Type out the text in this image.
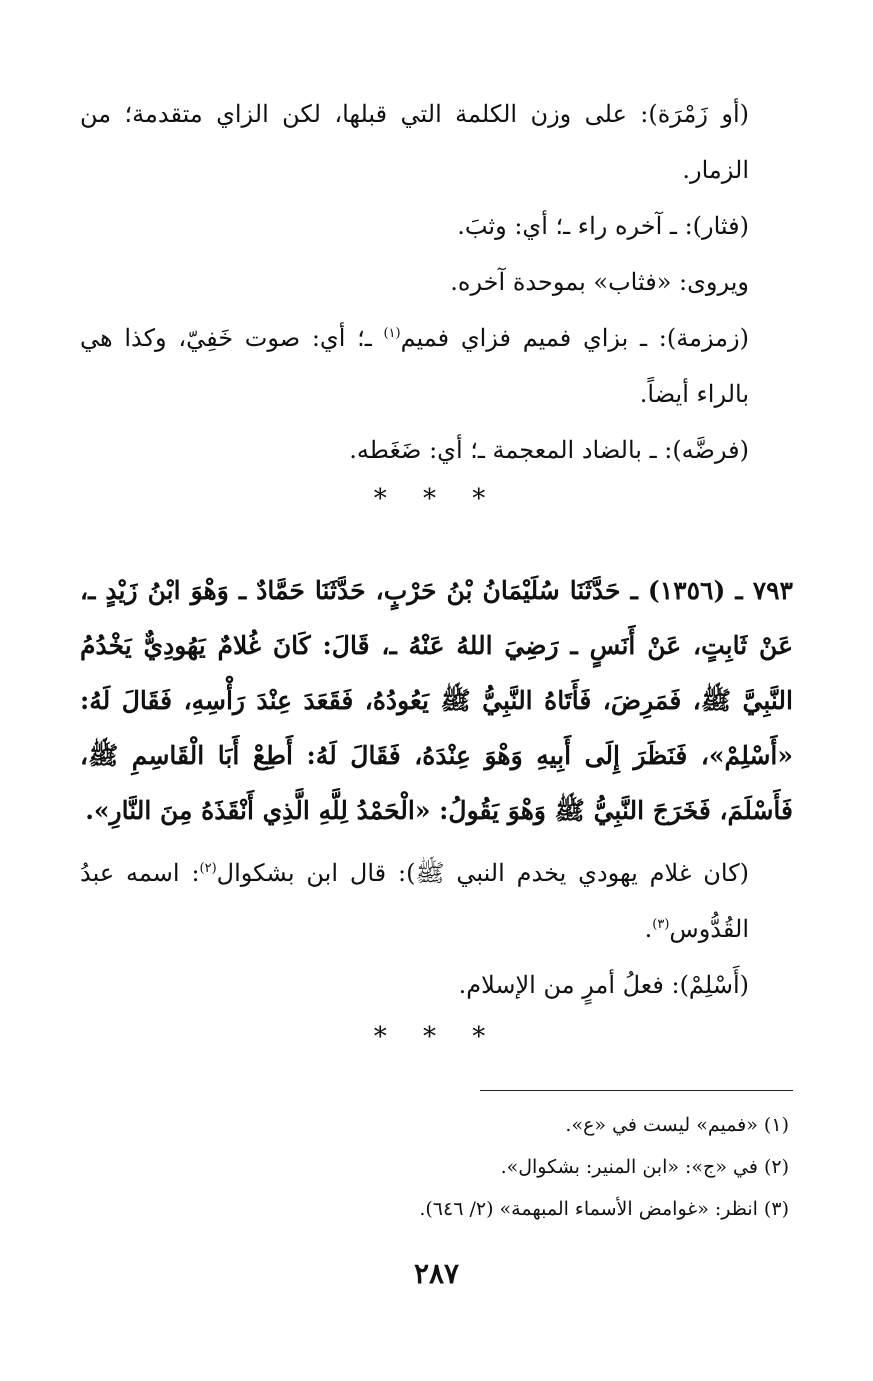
(أو زَمْرَة): على وزن الكلمة التي قبلها، لكن الزاي متقدمة؛ من الزمار.

(فثار): ـ آخره راء ـ؛ أي: وثبَ.

ويروى: «فثاب» بموحدة آخره.

(زمزمة): ـ بزاي فميم فزاي فميم$^{(١)}$ ـ؛ أي: صوت خَفِيّ، وكذا هي بالراء أيضاً.

(فرضَّه): ـ بالضاد المعجمة ـ؛ أي: ضَغَطه.

* * *

٧٩٣ ـ (١٣٥٦) ـ حَدَّثَنَا سُلَيْمَانُ بْنُ حَرْبٍ، حَدَّثَنَا حَمَّادٌ ـ وَهْوَ ابْنُ زَيْدٍ ـ، عَنْ ثَابِتٍ، عَنْ أَنَسٍ ـ رَضِيَ اللهُ عَنْهُ ـ، قَالَ: كَانَ غُلامٌ يَهُودِيٌّ يَخْدُمُ النَّبِيَّ ﷺ، فَمَرِضَ، فَأَتَاهُ النَّبِيُّ ﷺ يَعُودُهُ، فَقَعَدَ عِنْدَ رَأْسِهِ، فَقَالَ لَهُ: «أَسْلِمْ»، فَنَظَرَ إِلَى أَبِيهِ وَهْوَ عِنْدَهُ، فَقَالَ لَهُ: أَطِعْ أَبَا الْقَاسِمِ ﷺ، فَأَسْلَمَ، فَخَرَجَ النَّبِيُّ ﷺ وَهْوَ يَقُولُ: «الْحَمْدُ لِلَّهِ الَّذِي أَنْقَذَهُ مِنَ النَّارِ».

(كان غلام يهودي يخدم النبي ﷺ): قال ابن بشكوال$^{(٢)}$: اسمه عبدُ القُدُّوس$^{(٣)}$.

(أَسْلِمْ): فعلُ أمرٍ من الإسلام.

* * *

(١) «فميم» ليست في «ع».

(٢) في «ج»: «ابن المنير: بشكوال».

(٣) انظر: «غوامض الأسماء المبهمة» (٢/ ٦٤٦).

٢٨٧
